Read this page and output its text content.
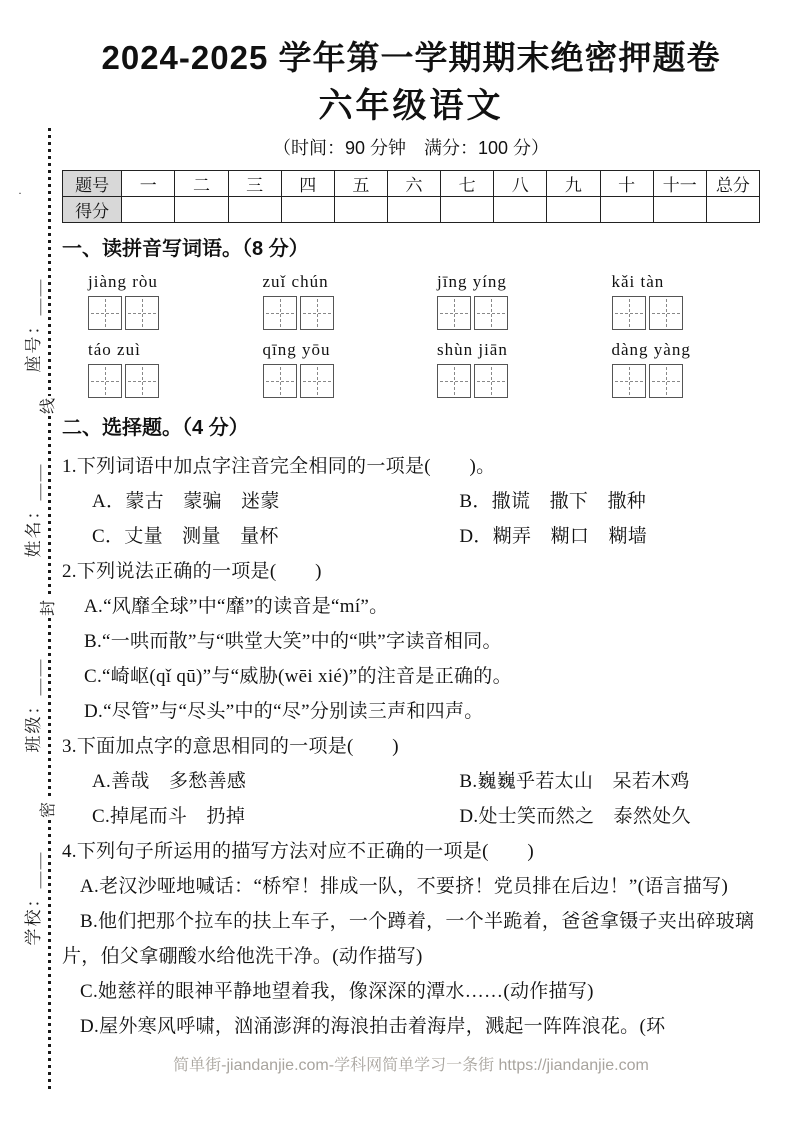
·
座号：＿＿
姓名：＿＿
班级：＿＿
学校：＿＿
线
封
密
2024-2025 学年第一学期期末绝密押题卷
六年级语文
（时间：90 分钟　满分：100 分）
题号	一	二	三	四	五	六	七	八	九	十	十一	总分
得分												
一、读拼音写词语。（8 分）
jiàng ròu	zuǐ chún	jīng yíng	kǎi tàn
táo zuì	qīng yōu	shùn jiān	dàng yàng
二、选择题。（4 分）

1.下列词语中加点字注音完全相同的一项是(　　)。

A．蒙古　蒙骗　迷蒙	B．撒谎　撒下　撒种
C．丈量　测量　量杯	D．糊弄　糊口　糊墙

2.下列说法正确的一项是(　　)

A.“风靡全球”中“靡”的读音是“mí”。

B.“一哄而散”与“哄堂大笑”中的“哄”字读音相同。

C.“崎岖(qǐ qū)”与“威胁(wēi xié)”的注音是正确的。

D.“尽管”与“尽头”中的“尽”分别读三声和四声。

3.下面加点字的意思相同的一项是(　　)

A.善哉　多愁善感	B.巍巍乎若太山　呆若木鸡
C.掉尾而斗　扔掉	D.处士笑而然之　泰然处久

4.下列句子所运用的描写方法对应不正确的一项是(　　)

A.老汉沙哑地喊话：“桥窄！排成一队，不要挤！党员排在后边！”(语言描写)

B.他们把那个拉车的扶上车子，一个蹲着，一个半跪着，爸爸拿镊子夹出碎玻璃片，伯父拿硼酸水给他洗干净。(动作描写)

C.她慈祥的眼神平静地望着我，像深深的潭水……(动作描写)

D.屋外寒风呼啸，汹涌澎湃的海浪拍击着海岸，溅起一阵阵浪花。(环

简单街-jiandanjie.com-学科网简单学习一条街 https://jiandanjie.com
